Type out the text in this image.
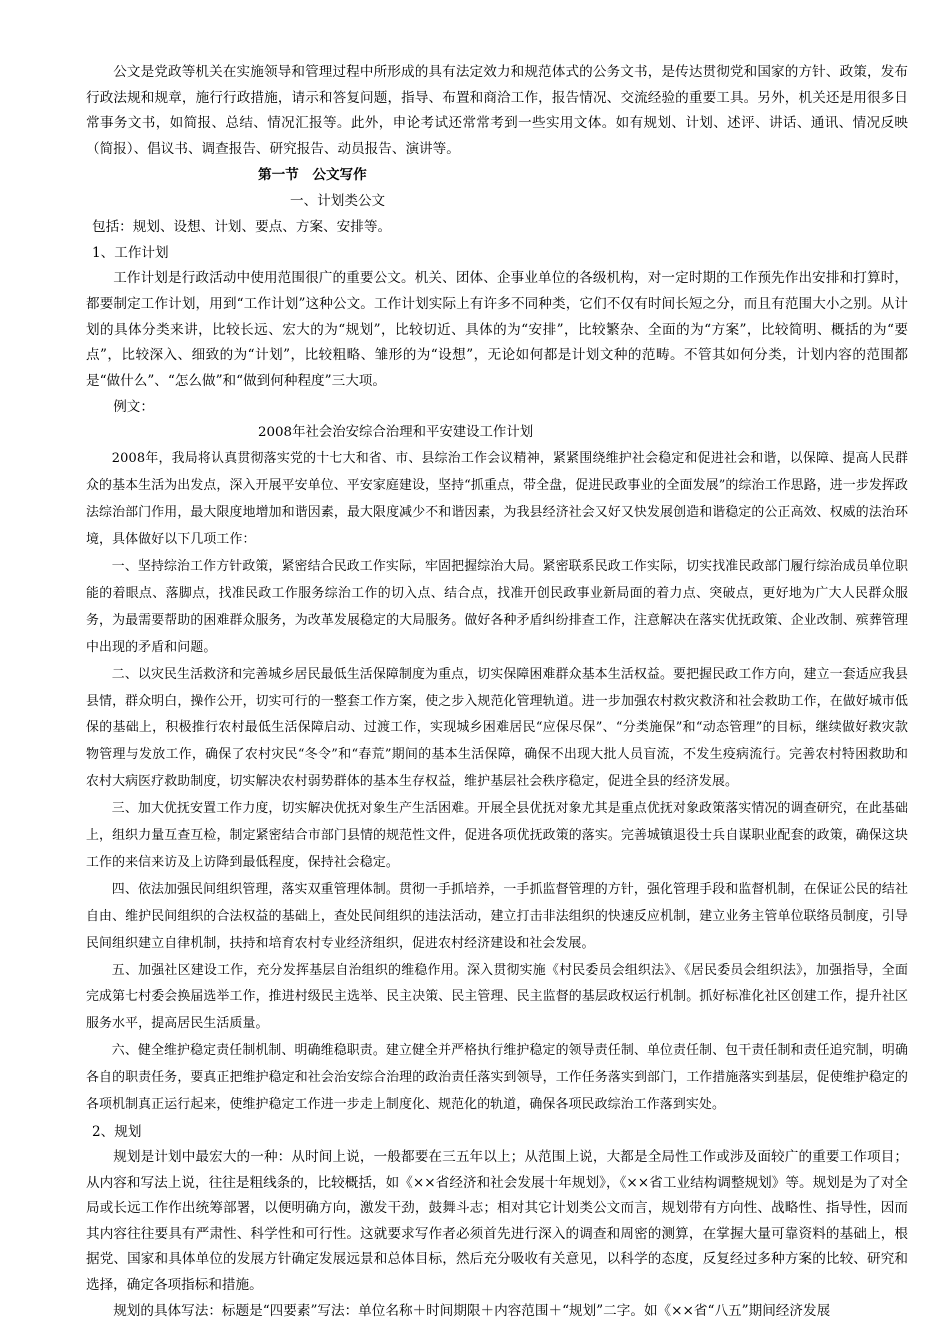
公文是党政等机关在实施领导和管理过程中所形成的具有法定效力和规范体式的公务文书，是传达贯彻党和国家的方针、政策，发布行政法规和规章，施行行政措施，请示和答复问题，指导、布置和商洽工作，报告情况、交流经验的重要工具。另外，机关还是用很多日常事务文书，如简报、总结、情况汇报等。此外，申论考试还常常考到一些实用文体。如有规划、计划、述评、讲话、通讯、情况反映（简报）、倡议书、调查报告、研究报告、动员报告、演讲等。

第一节　公文写作

一、计划类公文

包括：规划、设想、计划、要点、方案、安排等。

1、工作计划

工作计划是行政活动中使用范围很广的重要公文。机关、团体、企事业单位的各级机构，对一定时期的工作预先作出安排和打算时，都要制定工作计划，用到“工作计划”这种公文。工作计划实际上有许多不同种类，它们不仅有时间长短之分，而且有范围大小之别。从计划的具体分类来讲，比较长远、宏大的为“规划”，比较切近、具体的为“安排”，比较繁杂、全面的为“方案”，比较简明、概括的为“要点”，比较深入、细致的为“计划”，比较粗略、雏形的为“设想”，无论如何都是计划文种的范畴。不管其如何分类，计划内容的范围都是“做什么”、“怎么做”和“做到何种程度”三大项。

例文：

2008年社会治安综合治理和平安建设工作计划

2008年，我局将认真贯彻落实党的十七大和省、市、县综治工作会议精神，紧紧围绕维护社会稳定和促进社会和谐，以保障、提高人民群众的基本生活为出发点，深入开展平安单位、平安家庭建设，坚持“抓重点，带全盘，促进民政事业的全面发展”的综治工作思路，进一步发挥政法综治部门作用，最大限度地增加和谐因素，最大限度减少不和谐因素，为我县经济社会又好又快发展创造和谐稳定的公正高效、权威的法治环境，具体做好以下几项工作：

一、坚持综治工作方针政策，紧密结合民政工作实际，牢固把握综治大局。紧密联系民政工作实际，切实找准民政部门履行综治成员单位职能的着眼点、落脚点，找准民政工作服务综治工作的切入点、结合点，找准开创民政事业新局面的着力点、突破点，更好地为广大人民群众服务，为最需要帮助的困难群众服务，为改革发展稳定的大局服务。做好各种矛盾纠纷排查工作，注意解决在落实优抚政策、企业改制、殡葬管理中出现的矛盾和问题。

二、以灾民生活救济和完善城乡居民最低生活保障制度为重点，切实保障困难群众基本生活权益。要把握民政工作方向，建立一套适应我县县情，群众明白，操作公开，切实可行的一整套工作方案，使之步入规范化管理轨道。进一步加强农村救灾救济和社会救助工作，在做好城市低保的基础上，积极推行农村最低生活保障启动、过渡工作，实现城乡困难居民“应保尽保”、“分类施保”和“动态管理”的目标，继续做好救灾款物管理与发放工作，确保了农村灾民“冬令”和“春荒”期间的基本生活保障，确保不出现大批人员盲流，不发生疫病流行。完善农村特困救助和农村大病医疗救助制度，切实解决农村弱势群体的基本生存权益，维护基层社会秩序稳定，促进全县的经济发展。

三、加大优抚安置工作力度，切实解决优抚对象生产生活困难。开展全县优抚对象尤其是重点优抚对象政策落实情况的调查研究，在此基础上，组织力量互查互检，制定紧密结合市部门县情的规范性文件，促进各项优抚政策的落实。完善城镇退役士兵自谋职业配套的政策，确保这块工作的来信来访及上访降到最低程度，保持社会稳定。

四、依法加强民间组织管理，落实双重管理体制。贯彻一手抓培养，一手抓监督管理的方针，强化管理手段和监督机制，在保证公民的结社自由、维护民间组织的合法权益的基础上，查处民间组织的违法活动，建立打击非法组织的快速反应机制，建立业务主管单位联络员制度，引导民间组织建立自律机制，扶持和培育农村专业经济组织，促进农村经济建设和社会发展。

五、加强社区建设工作，充分发挥基层自治组织的维稳作用。深入贯彻实施《村民委员会组织法》、《居民委员会组织法》，加强指导，全面完成第七村委会换届选举工作，推进村级民主选举、民主决策、民主管理、民主监督的基层政权运行机制。抓好标准化社区创建工作，提升社区服务水平，提高居民生活质量。

六、健全维护稳定责任制机制、明确维稳职责。建立健全并严格执行维护稳定的领导责任制、单位责任制、包干责任制和责任追究制，明确各自的职责任务，要真正把维护稳定和社会治安综合治理的政治责任落实到领导，工作任务落实到部门，工作措施落实到基层，促使维护稳定的各项机制真正运行起来，使维护稳定工作进一步走上制度化、规范化的轨道，确保各项民政综治工作落到实处。

2、规划

规划是计划中最宏大的一种：从时间上说，一般都要在三五年以上；从范围上说，大都是全局性工作或涉及面较广的重要工作项目；从内容和写法上说，往往是粗线条的，比较概括，如《××省经济和社会发展十年规划》，《××省工业结构调整规划》等。规划是为了对全局或长远工作作出统筹部署，以便明确方向，激发干劲，鼓舞斗志；相对其它计划类公文而言，规划带有方向性、战略性、指导性，因而其内容往往要具有严肃性、科学性和可行性。这就要求写作者必须首先进行深入的调查和周密的测算，在掌握大量可靠资料的基础上，根据党、国家和具体单位的发展方针确定发展远景和总体目标，然后充分吸收有关意见，以科学的态度，反复经过多种方案的比较、研究和选择，确定各项指标和措施。

规划的具体写法：标题是“四要素”写法：单位名称＋时间期限＋内容范围＋“规划”二字。如《××省“八五”期间经济发展
